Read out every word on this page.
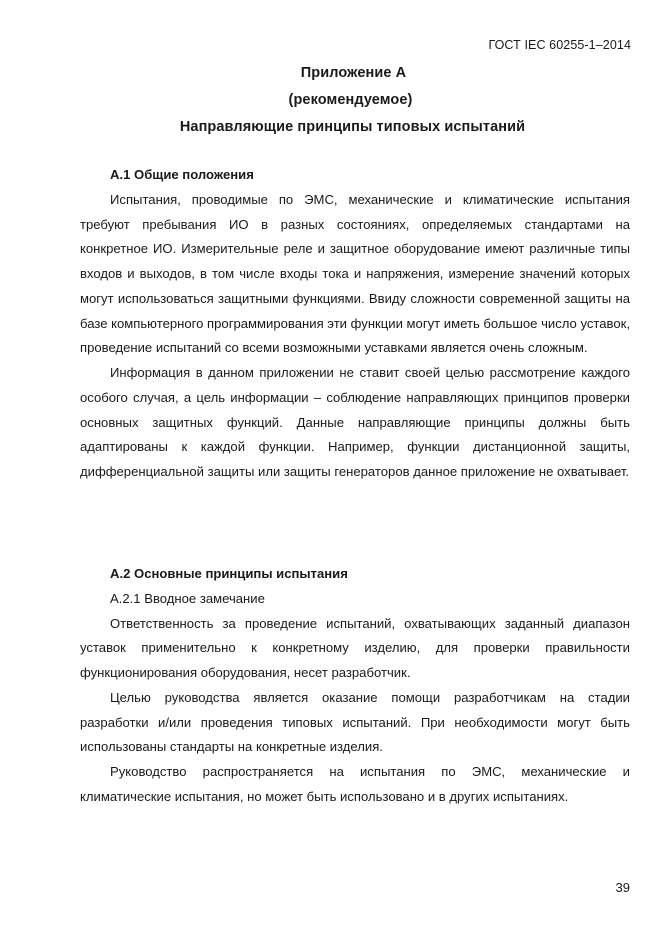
ГОСТ IEC 60255-1–2014
Приложение А
(рекомендуемое)
Направляющие принципы типовых испытаний

А.1 Общие положения

Испытания, проводимые по ЭМС, механические и климатические испытания требуют пребывания ИО в разных состояниях, определяемых стандартами на конкретное ИО. Измерительные реле и защитное оборудование имеют различные типы входов и выходов, в том числе входы тока и напряжения, измерение значений которых могут использоваться защитными функциями. Ввиду сложности современной защиты на базе компьютерного программирования эти функции могут иметь большое число уставок, проведение испытаний со всеми возможными уставками является очень сложным.

Информация в данном приложении не ставит своей целью рассмотрение каждого особого случая, а цель информации – соблюдение направляющих принципов проверки основных защитных функций. Данные направляющие принципы должны быть адаптированы к каждой функции. Например, функции дистанционной защиты, дифференциальной защиты или защиты генераторов данное приложение не охватывает.

А.2 Основные принципы испытания

А.2.1 Вводное замечание

Ответственность за проведение испытаний, охватывающих заданный диапазон уставок применительно к конкретному изделию, для проверки правильности функционирования оборудования, несет разработчик.

Целью руководства является оказание помощи разработчикам на стадии разработки и/или проведения типовых испытаний. При необходимости могут быть использованы стандарты на конкретные изделия.

Руководство распространяется на испытания по ЭМС, механические и климатические испытания, но может быть использовано и в других испытаниях.

39
